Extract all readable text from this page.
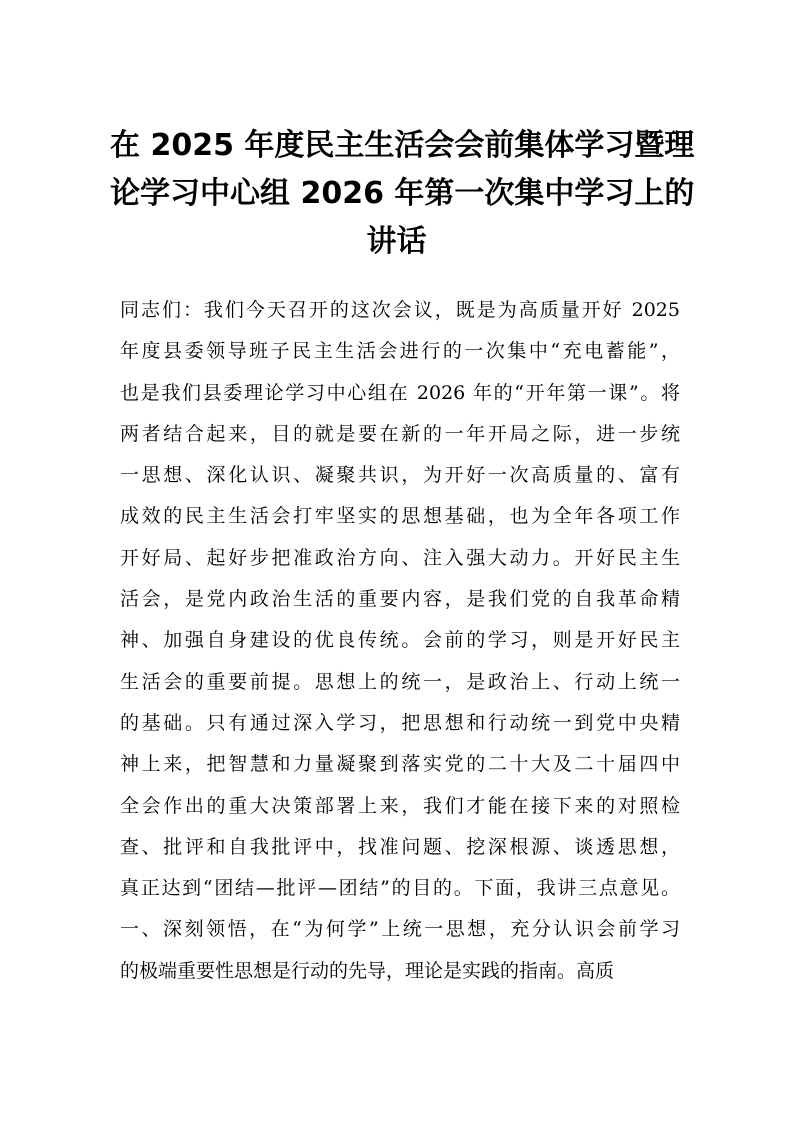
在 2025 年度民主生活会会前集体学习暨理
论学习中心组 2026 年第一次集中学习上的
讲话
同志们：我们今天召开的这次会议，既是为高质量开好 2025
年度县委领导班子民主生活会进行的一次集中“充电蓄能”，
也是我们县委理论学习中心组在 2026 年的“开年第一课”。将
两者结合起来，目的就是要在新的一年开局之际，进一步统
一思想、深化认识、凝聚共识，为开好一次高质量的、富有
成效的民主生活会打牢坚实的思想基础，也为全年各项工作
开好局、起好步把准政治方向、注入强大动力。开好民主生
活会，是党内政治生活的重要内容，是我们党的自我革命精
神、加强自身建设的优良传统。会前的学习，则是开好民主
生活会的重要前提。思想上的统一，是政治上、行动上统一
的基础。只有通过深入学习，把思想和行动统一到党中央精
神上来，把智慧和力量凝聚到落实党的二十大及二十届四中
全会作出的重大决策部署上来，我们才能在接下来的对照检
查、批评和自我批评中，找准问题、挖深根源、谈透思想，
真正达到“团结—批评—团结”的目的。下面，我讲三点意见。
一、深刻领悟，在“为何学”上统一思想，充分认识会前学习
的极端重要性思想是行动的先导，理论是实践的指南。高质
